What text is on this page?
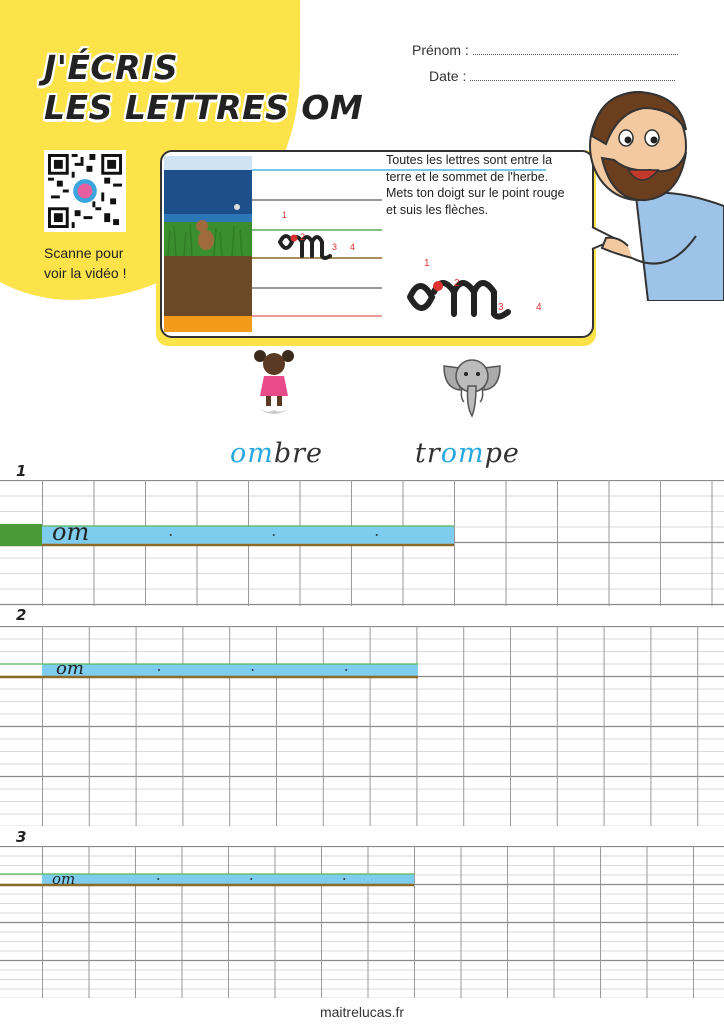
J'ÉCRIS
LES LETTRES OM
Prénom :
Date :
Scanne pour
voir la vidéo !
1
2
3 4
1
2
3	4
Toutes les lettres sont entre la
terre et le sommet de l'herbe.
Mets ton doigt sur le point rouge
et suis les flèches.
ombre	trompe
1
om
2
om
3
om
maitrelucas.fr
